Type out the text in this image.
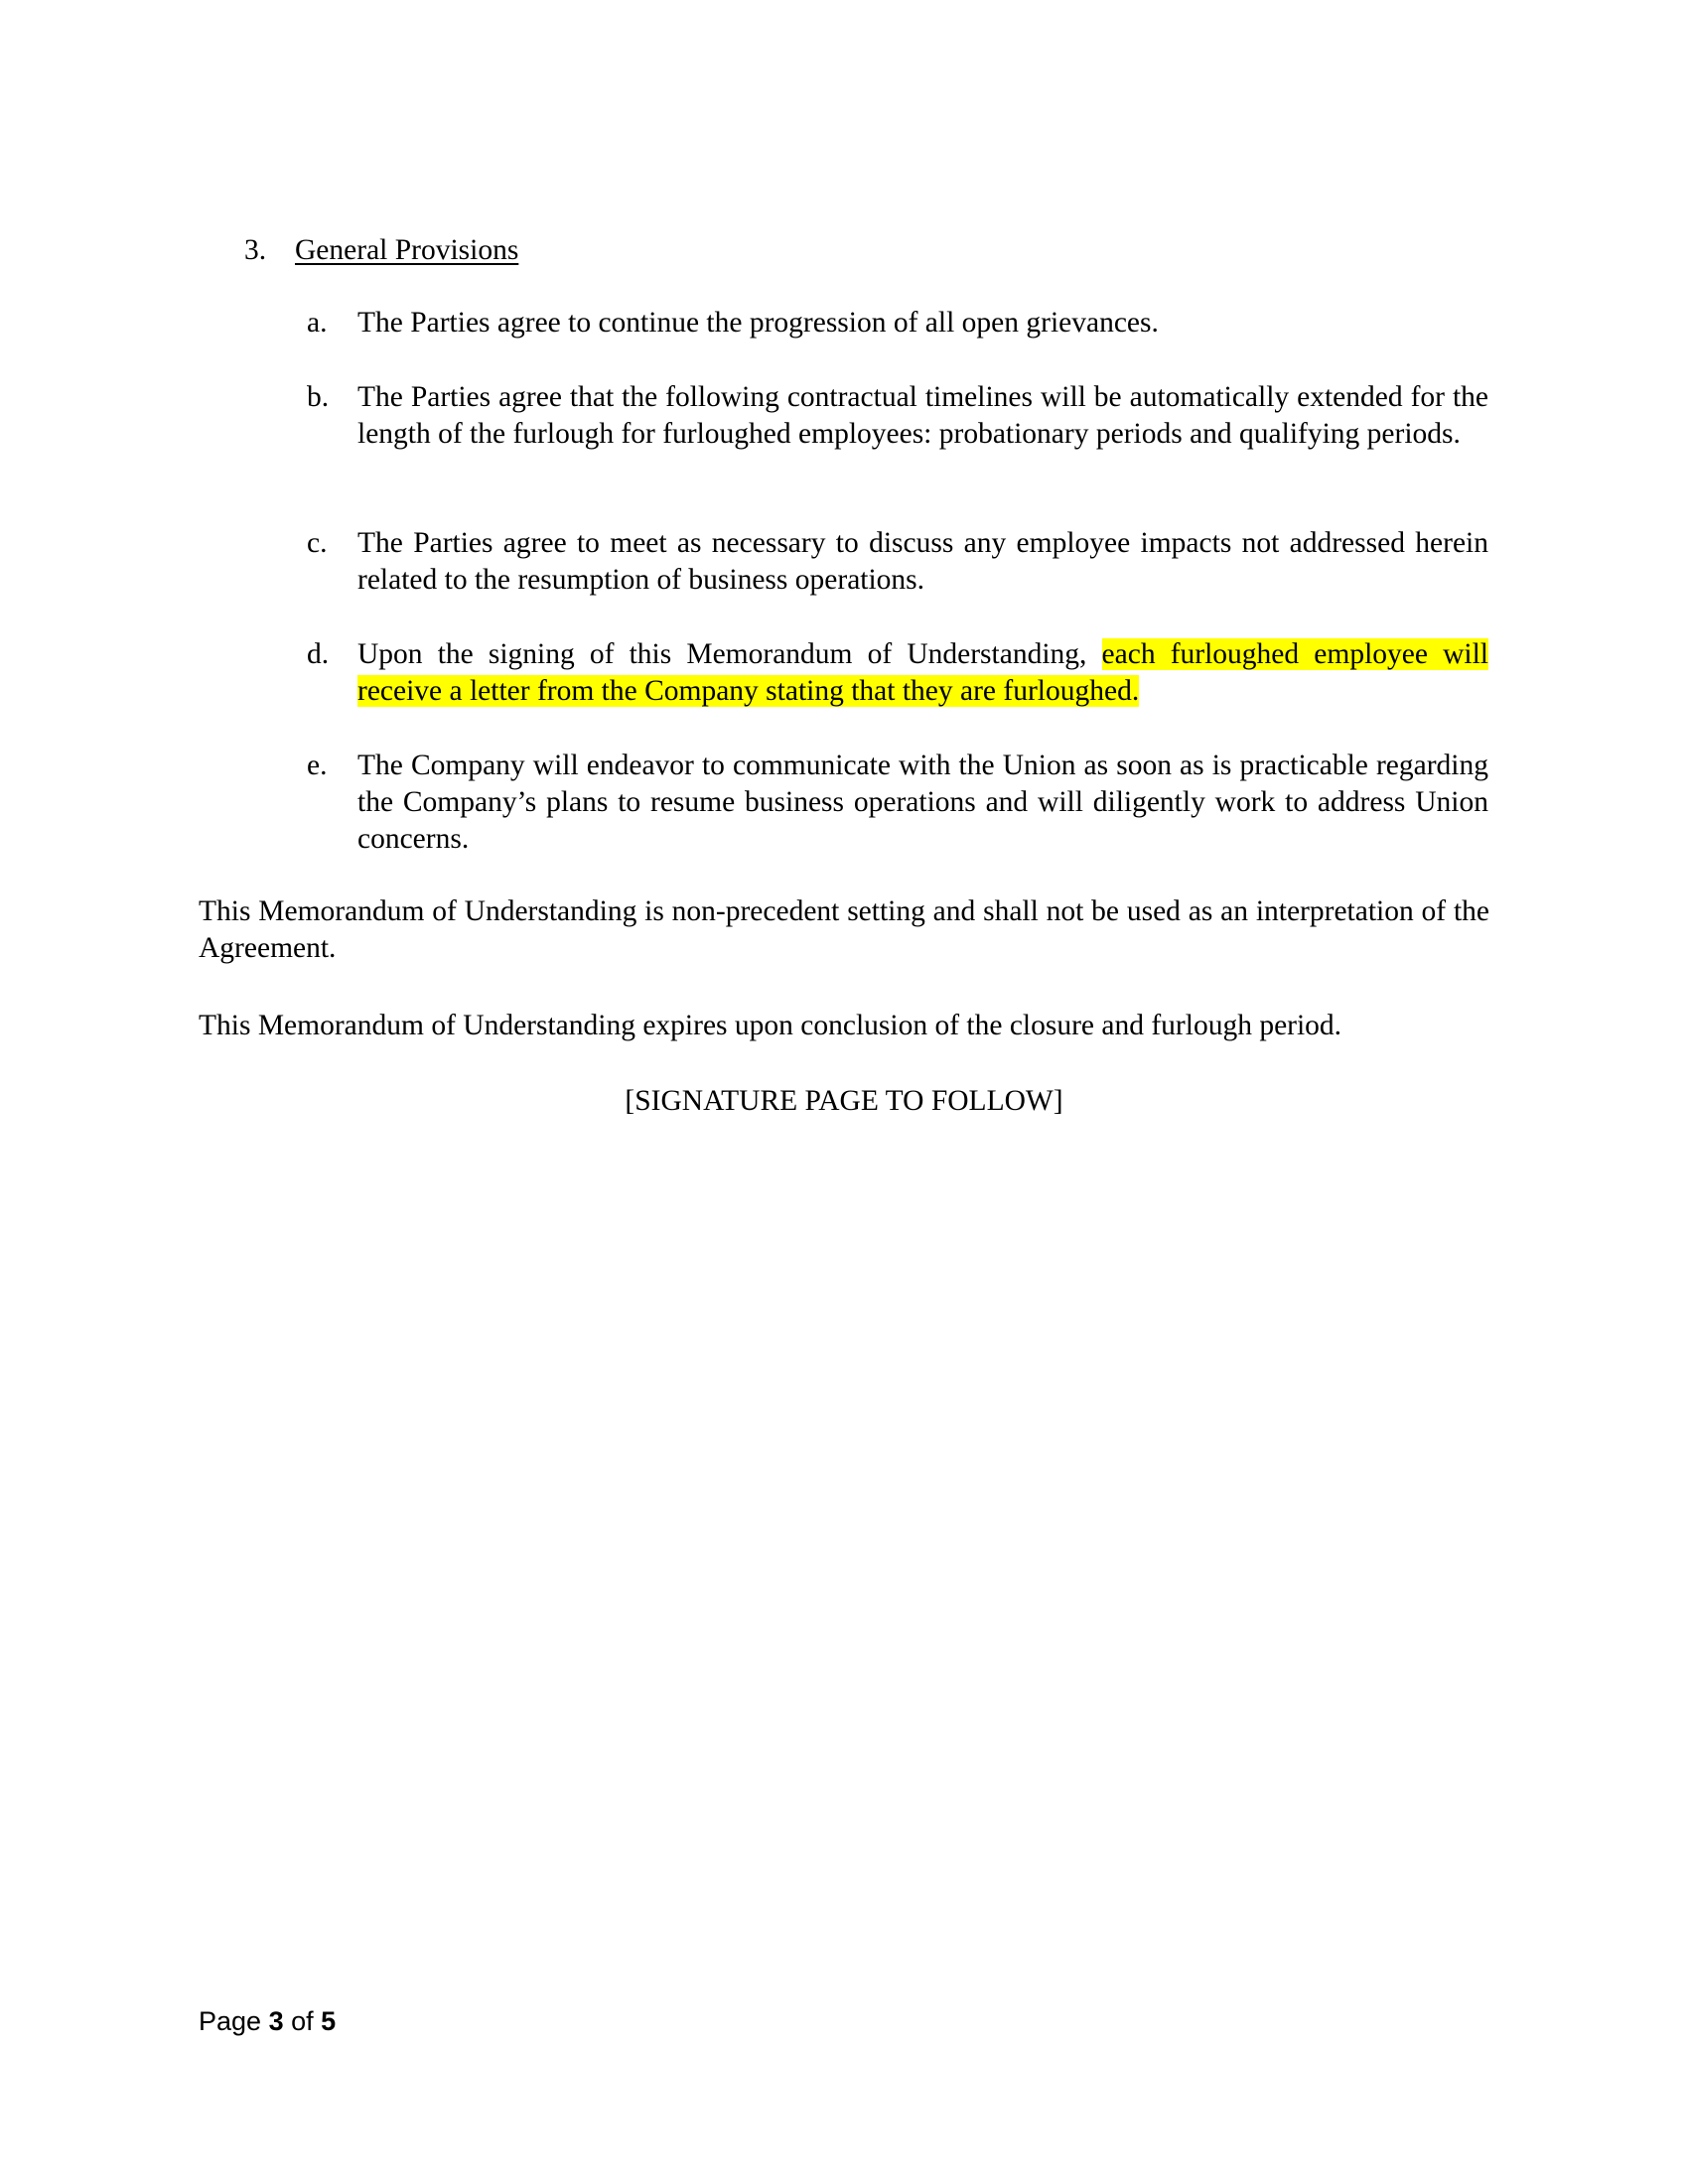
3. General Provisions
a.	The Parties agree to continue the progression of all open grievances.
b. The Parties agree that the following contractual timelines will be automatically extended for the length of the furlough for furloughed employees: probationary periods and qualifying periods.
c.	The Parties agree to meet as necessary to discuss any employee impacts not addressed herein related to the resumption of business operations.
d. Upon the signing of this Memorandum of Understanding, each furloughed employee will receive a letter from the Company stating that they are furloughed.
e.	The Company will endeavor to communicate with the Union as soon as is practicable regarding the Company’s plans to resume business operations and will diligently work to address Union concerns.
This Memorandum of Understanding is non-precedent setting and shall not be used as an interpretation of the Agreement.
This Memorandum of Understanding expires upon conclusion of the closure and furlough period.
[SIGNATURE PAGE TO FOLLOW]
Page 3 of 5
